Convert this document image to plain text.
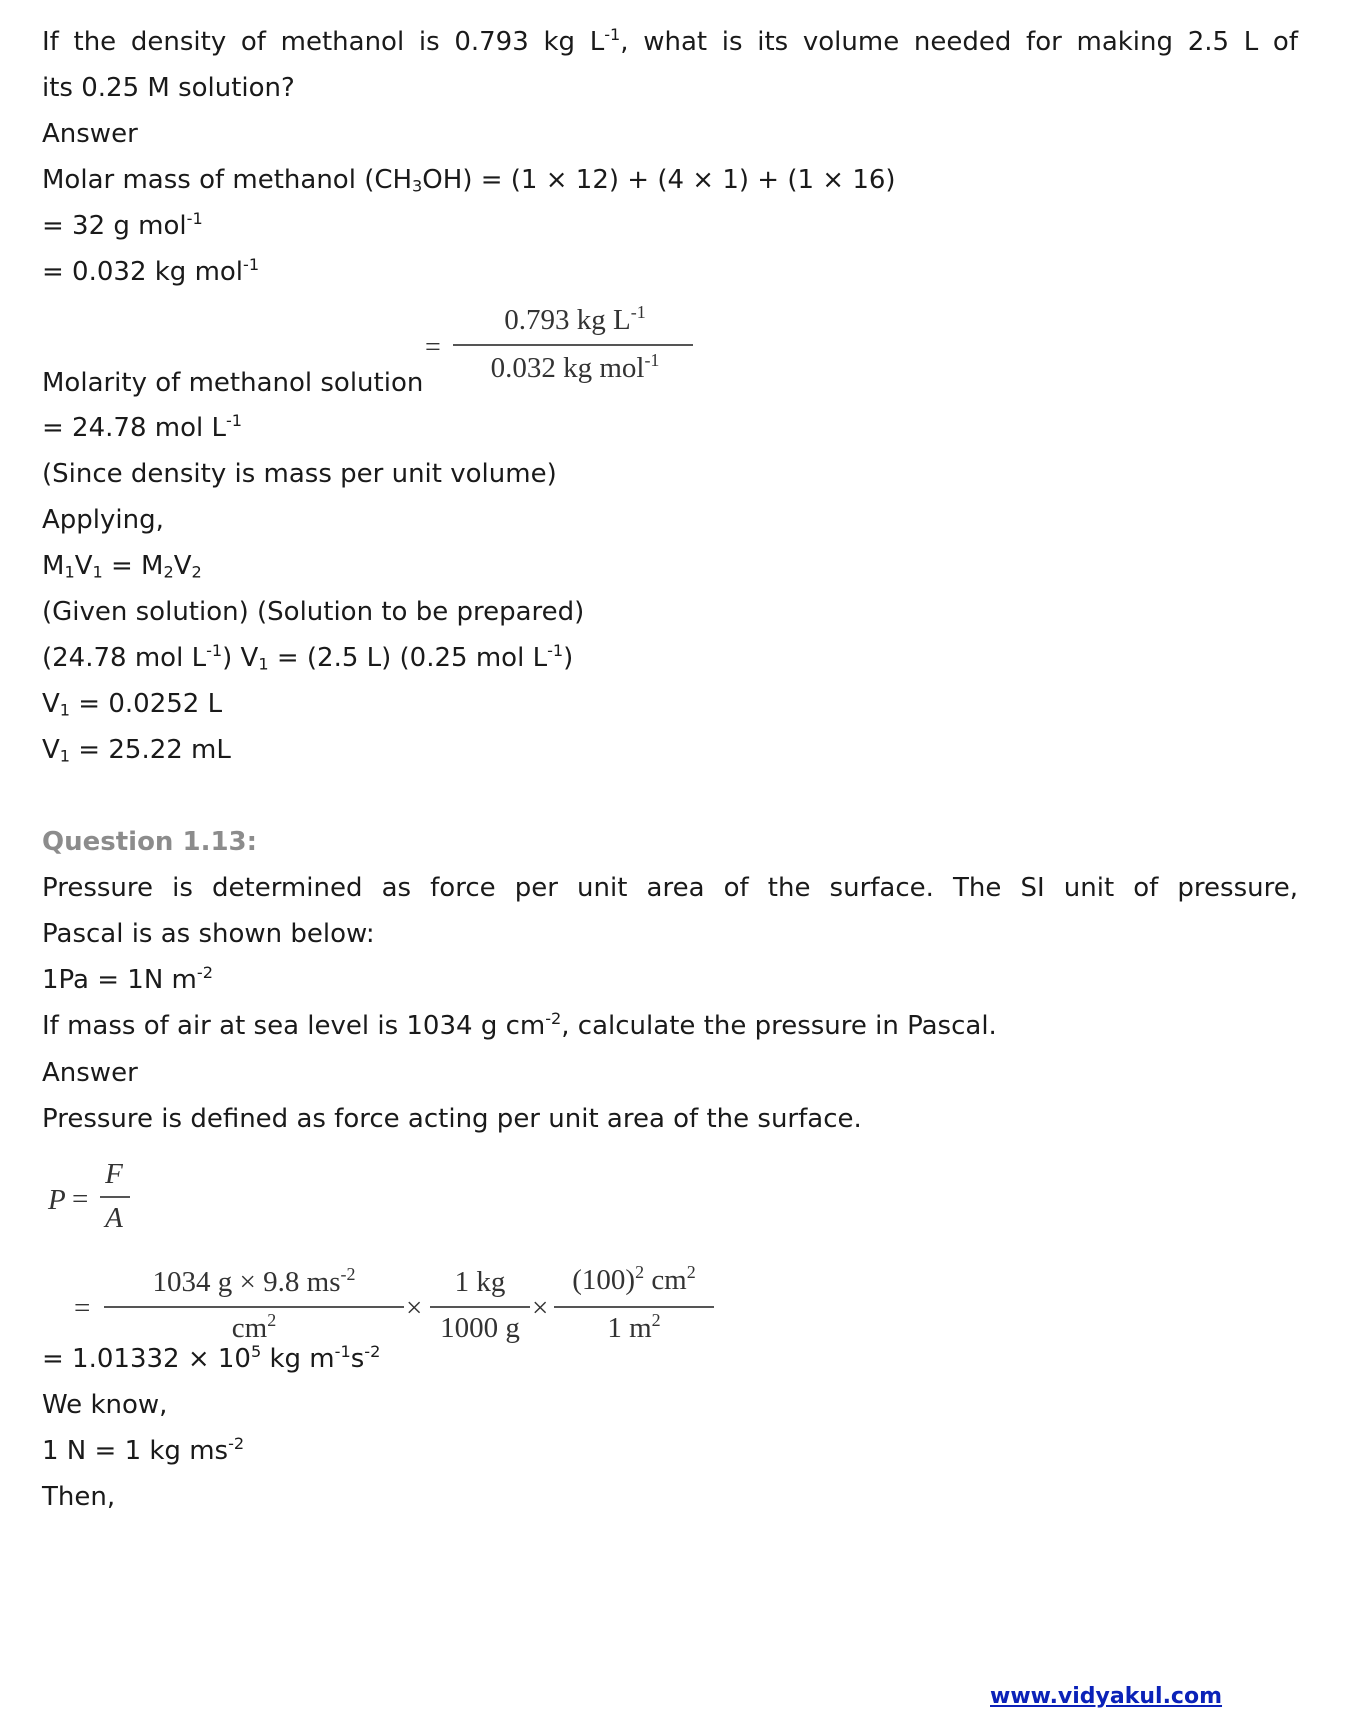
If the density of methanol is 0.793 kg $L^{-1}$, what is its volume needed for making 2.5 L of
its 0.25 M solution?
Answer
Molar mass of methanol $(CH_3OH) = (1 \times 12) + (4 \times 1) + (1 \times 16)$
= 32 g mol$^{-1}$
= 0.032 kg mol$^{-1}$
=
0.793 kg $L^{-1}$
0.032 kg mol$^{-1}$
Molarity of methanol solution
= 24.78 mol $L^{-1}$
(Since density is mass per unit volume)
Applying,
$M_1V_1 = M_2V_2$
(Given solution) (Solution to be prepared)
(24.78 mol $L^{-1}$) $V_1 = (2.5$ L) (0.25 mol $L^{-1}$)
$V_1 = 0.0252$ L
$V_1 = 25.22$ mL
Question 1.13:
Pressure is determined as force per unit area of the surface. The SI unit of pressure,
Pascal is as shown below:
1Pa = 1N $m^{-2}$
If mass of air at sea level is 1034 g $cm^{-2}$, calculate the pressure in Pascal.
Answer
Pressure is defined as force acting per unit area of the surface.
P =
F
A
=
1034 g × 9.8 $ms^{-2}$
$cm^2$	×
1 kg
1000 g
×
$(100)^2$ $cm^2$
1 $m^2$
= $1.01332 \times 10^5$ kg $m^{-1}s^{-2}$
We know,
1 N = 1 kg $ms^{-2}$
Then,
www.vidyakul.com
